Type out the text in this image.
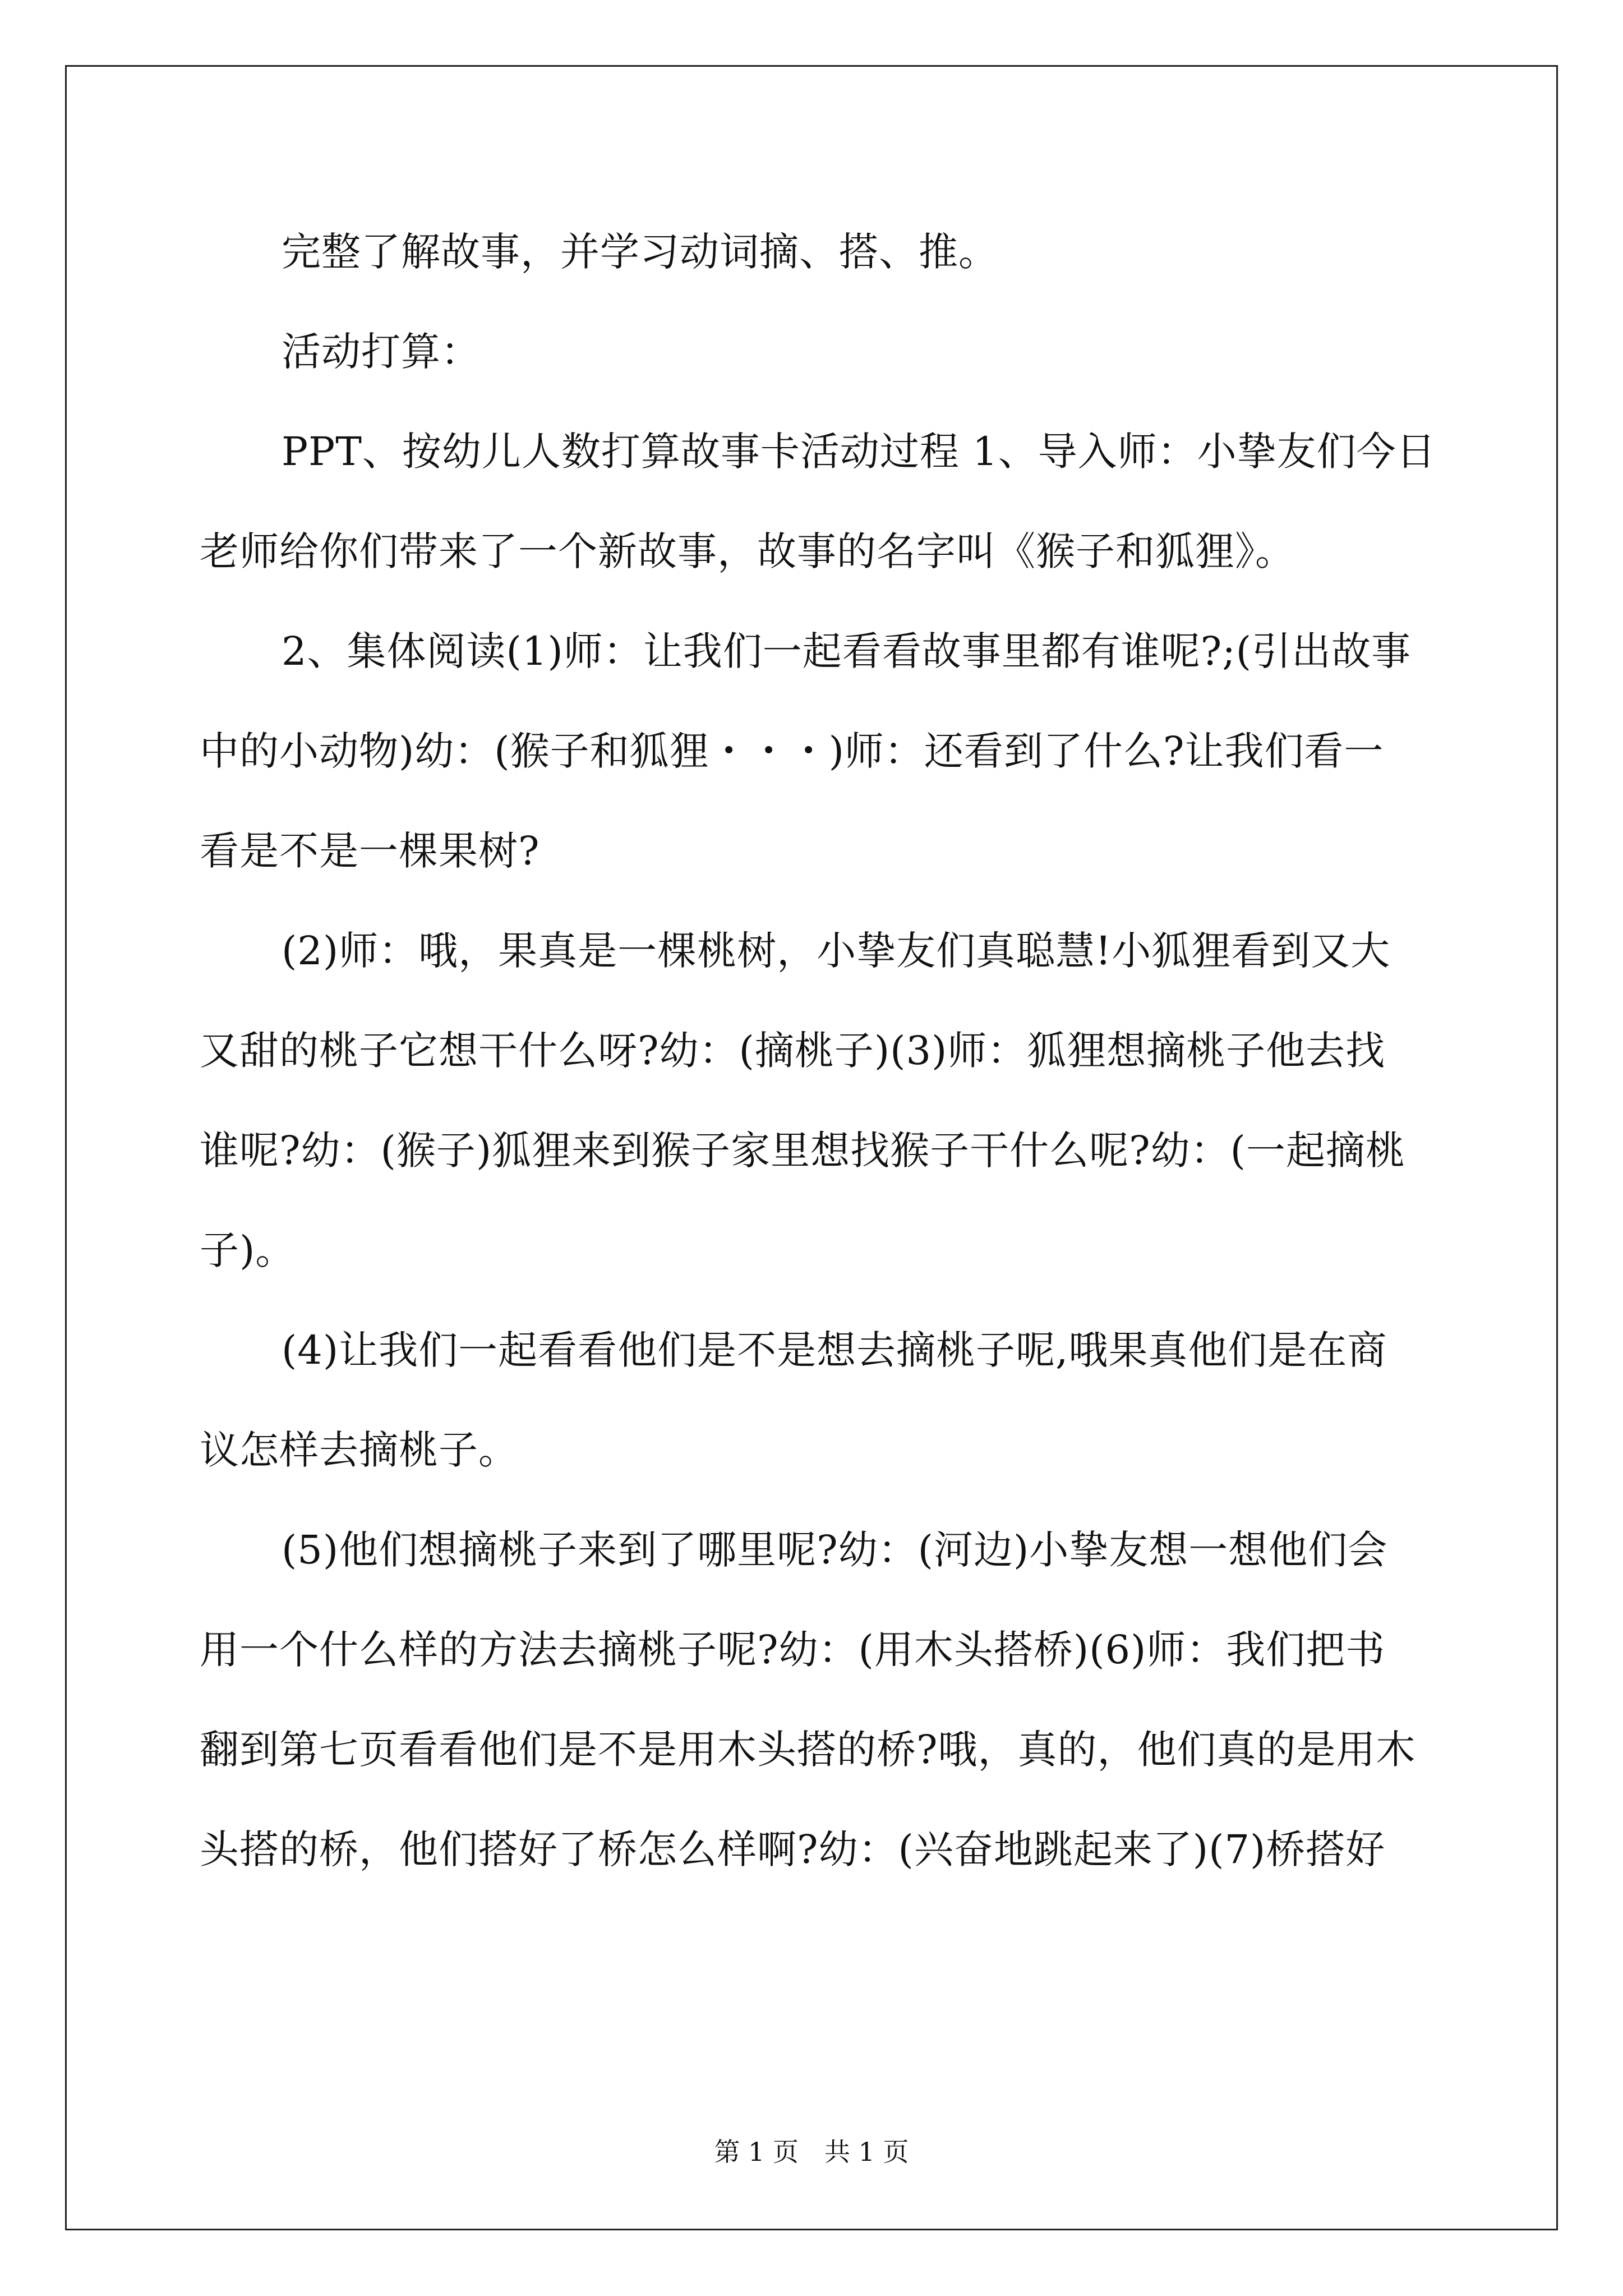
完整了解故事，并学习动词摘、搭、推。

活动打算：

PPT、按幼儿人数打算故事卡活动过程 1、导入师：小挚友们今日
老师给你们带来了一个新故事，故事的名字叫《猴子和狐狸》。

2、集体阅读(1)师：让我们一起看看故事里都有谁呢?;(引出故事
中的小动物)幼：(猴子和狐狸・・・)师：还看到了什么?让我们看一
看是不是一棵果树?

(2)师：哦，果真是一棵桃树，小挚友们真聪慧!小狐狸看到又大
又甜的桃子它想干什么呀?幼：(摘桃子)(3)师：狐狸想摘桃子他去找
谁呢?幼：(猴子)狐狸来到猴子家里想找猴子干什么呢?幼：(一起摘桃
子)。

(4)让我们一起看看他们是不是想去摘桃子呢,哦果真他们是在商
议怎样去摘桃子。

(5)他们想摘桃子来到了哪里呢?幼：(河边)小挚友想一想他们会
用一个什么样的方法去摘桃子呢?幼：(用木头搭桥)(6)师：我们把书
翻到第七页看看他们是不是用木头搭的桥?哦，真的，他们真的是用木
头搭的桥，他们搭好了桥怎么样啊?幼：(兴奋地跳起来了)(7)桥搭好

第 1 页 共 1 页
